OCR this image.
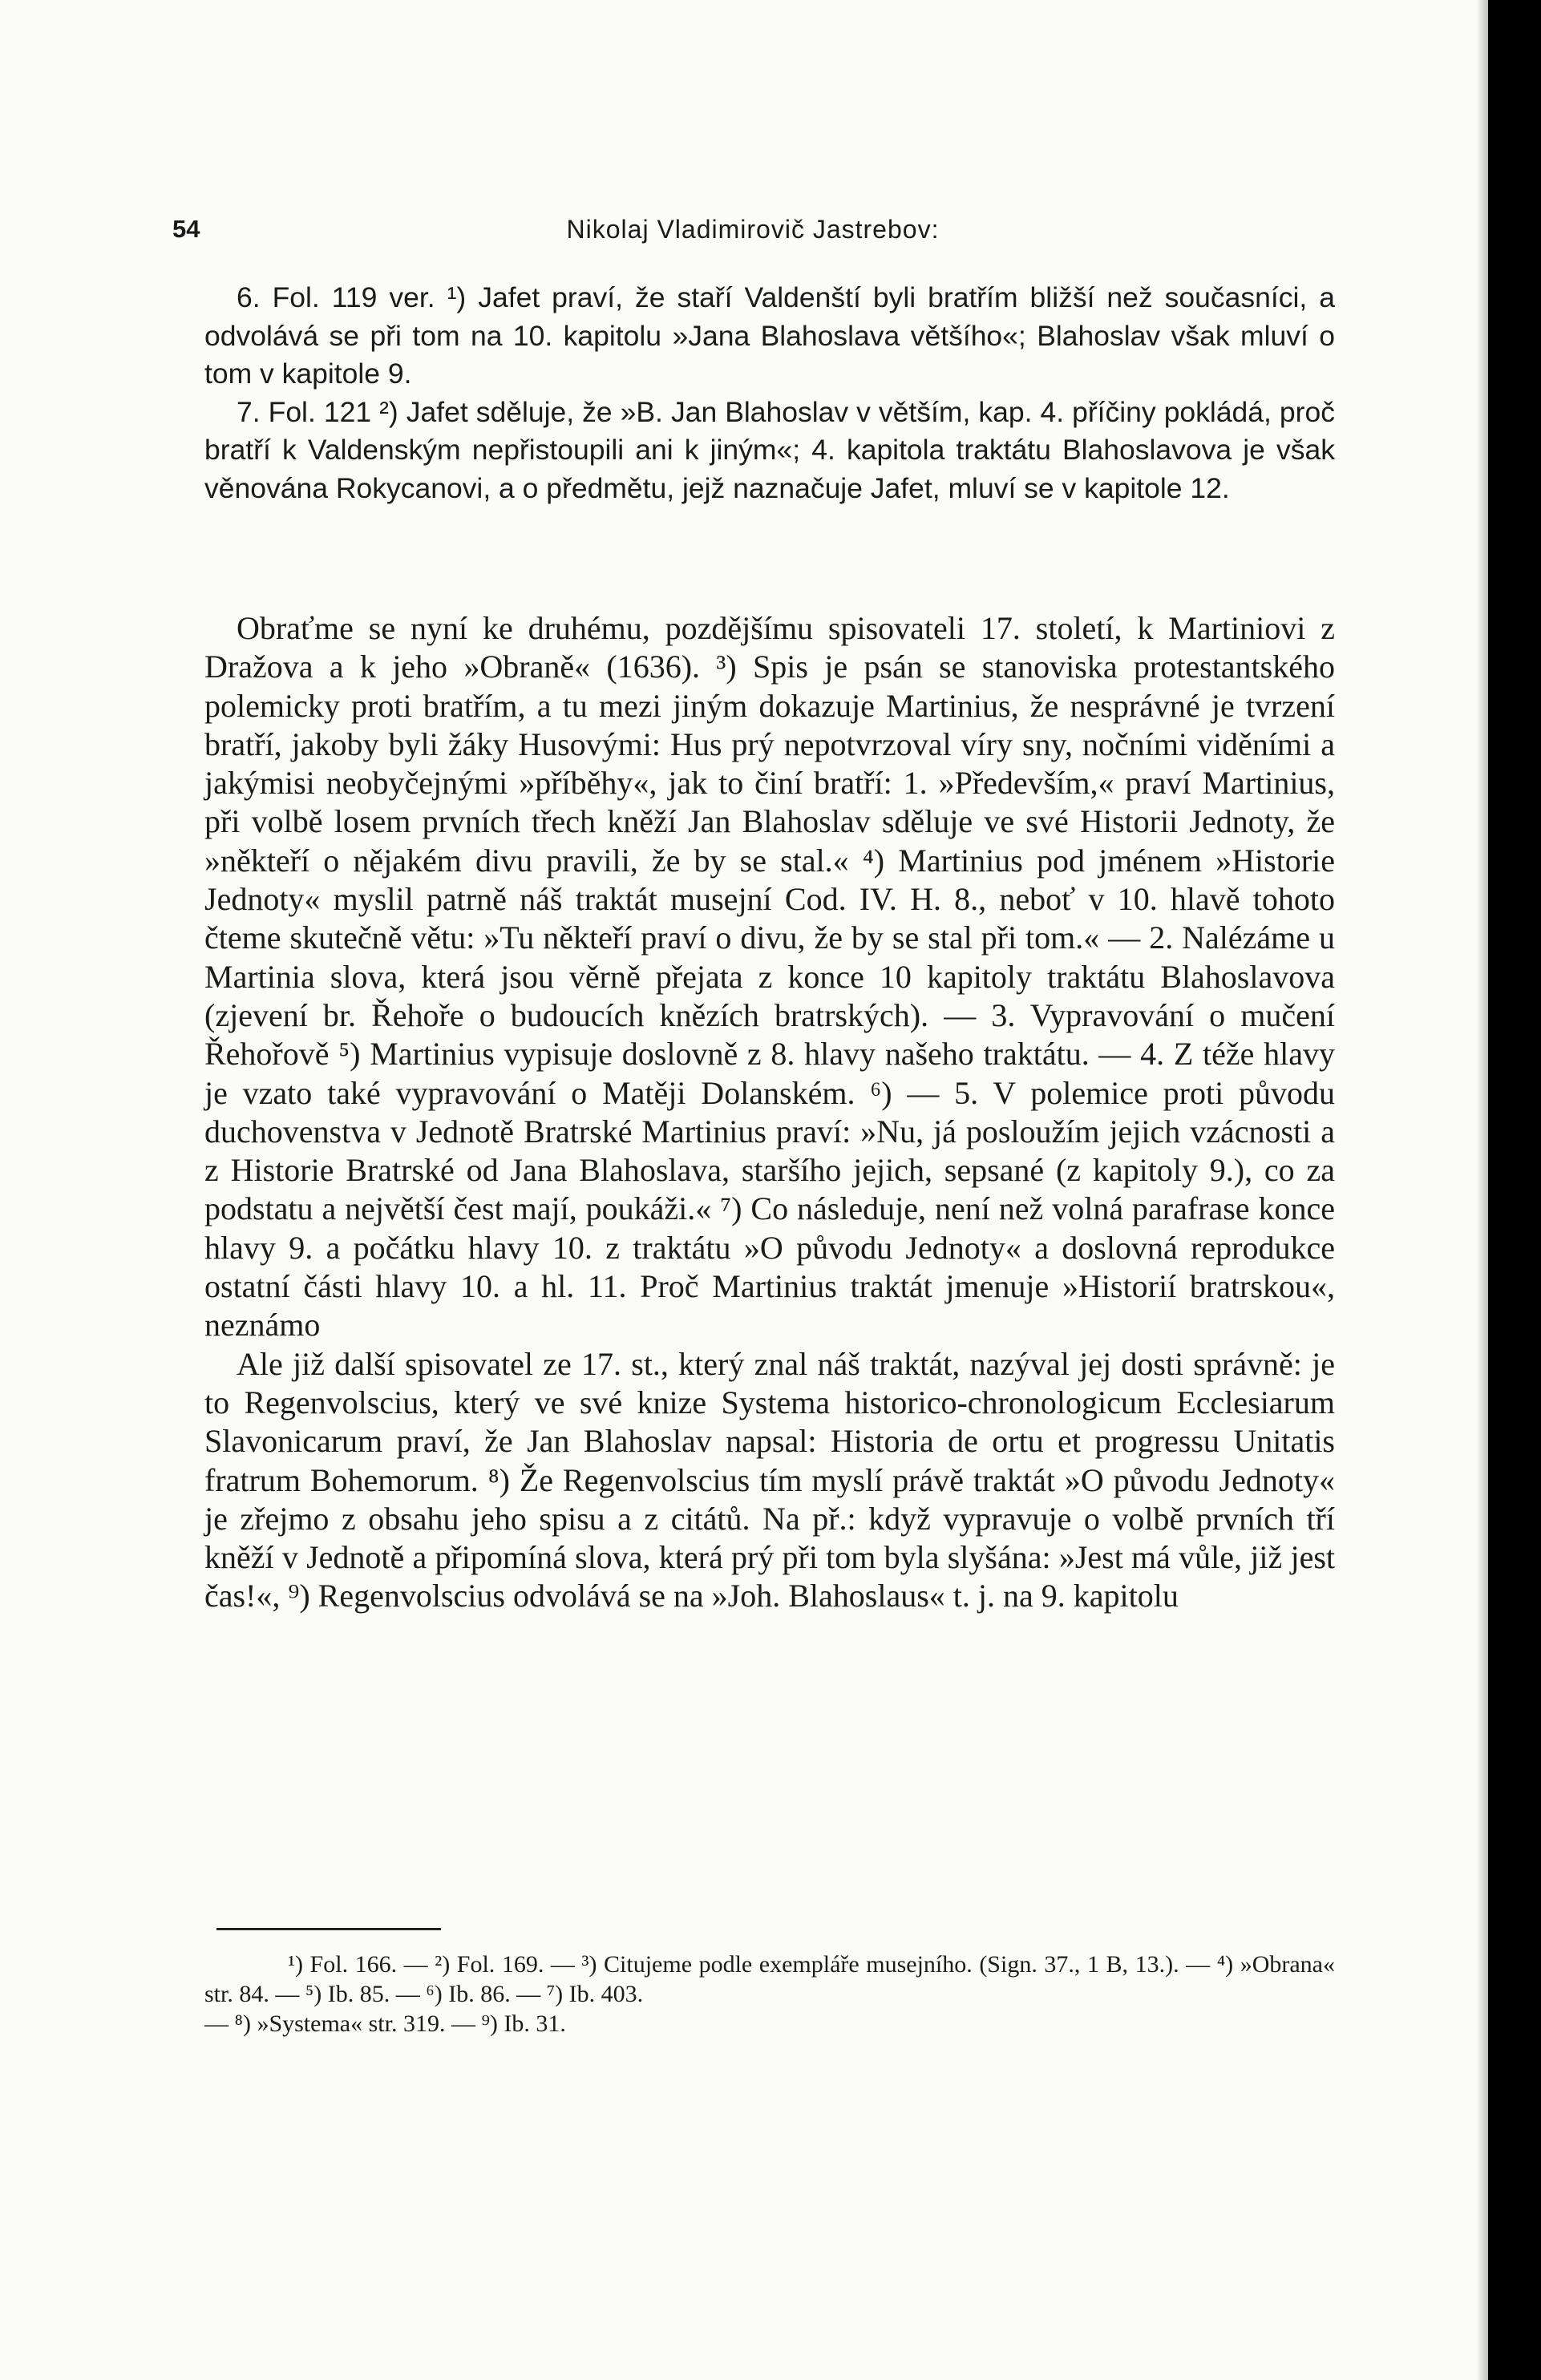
54	Nikolaj Vladimirovič Jastrebov:

6. Fol. 119 ver. ¹) Jafet praví, že staří Valdenští byli bratřím bližší než současníci, a odvolává se při tom na 10. kapitolu »Jana Blahoslava většího«; Blahoslav však mluví o tom v kapitole 9.

7. Fol. 121 ²) Jafet sděluje, že »B. Jan Blahoslav v větším, kap. 4. příčiny pokládá, proč bratří k Valdenským nepřistoupili ani k jiným«; 4. kapitola traktátu Blahoslavova je však věnována Rokycanovi, a o předmětu, jejž naznačuje Jafet, mluví se v kapitole 12.

Obraťme se nyní ke druhému, pozdějšímu spisovateli 17. století, k Martiniovi z Dražova a k jeho »Obraně« (1636). ³) Spis je psán se stanoviska protestantského polemicky proti bratřím, a tu mezi jiným dokazuje Martinius, že nesprávné je tvrzení bratří, jakoby byli žáky Husovými: Hus prý nepotvrzoval víry sny, nočními viděními a jakýmisi neobyčejnými »příběhy«, jak to činí bratří: 1. »Především,« praví Martinius, při volbě losem prvních třech kněží Jan Blahoslav sděluje ve své Historii Jednoty, že »někteří o nějakém divu pravili, že by se stal.« ⁴) Martinius pod jménem »Historie Jednoty« myslil patrně náš traktát musejní Cod. IV. H. 8., neboť v 10. hlavě tohoto čteme skutečně větu: »Tu někteří praví o divu, že by se stal při tom.« — 2. Nalézáme u Martinia slova, která jsou věrně přejata z konce 10 kapitoly traktátu Blahoslavova (zjevení br. Řehoře o budoucích knězích bratrských). — 3. Vypravování o mučení Řehořově ⁵) Martinius vypisuje doslovně z 8. hlavy našeho traktátu. — 4. Z téže hlavy je vzato také vypravování o Matěji Dolanském. ⁶) — 5. V polemice proti původu duchovenstva v Jednotě Bratrské Martinius praví: »Nu, já posloužím jejich vzácnosti a z Historie Bratrské od Jana Blahoslava, staršího jejich, sepsané (z kapitoly 9.), co za podstatu a největší čest mají, poukáži.« ⁷) Co následuje, není než volná parafrase konce hlavy 9. a počátku hlavy 10. z traktátu »O původu Jednoty« a doslovná reprodukce ostatní části hlavy 10. a hl. 11. Proč Martinius traktát jmenuje »Historií bratrskou«, neznámo

Ale již další spisovatel ze 17. st., který znal náš traktát, nazýval jej dosti správně: je to Regenvolscius, který ve své knize Systema historico-chronologicum Ecclesiarum Slavonicarum praví, že Jan Blahoslav napsal: Historia de ortu et progressu Unitatis fratrum Bohemorum. ⁸) Že Regenvolscius tím myslí právě traktát »O původu Jednoty« je zřejmo z obsahu jeho spisu a z citátů. Na př.: když vypravuje o volbě prvních tří kněží v Jednotě a připomíná slova, která prý při tom byla slyšána: »Jest má vůle, již jest čas!«, ⁹) Regenvolscius odvolává se na »Joh. Blahoslaus« t. j. na 9. kapitolu

¹) Fol. 166. — ²) Fol. 169. — ³) Citujeme podle exempláře musejního. (Sign. 37., 1 B, 13.). — ⁴) »Obrana« str. 84. — ⁵) Ib. 85. — ⁶) Ib. 86. — ⁷) Ib. 403.
— ⁸) »Systema« str. 319. — ⁹) Ib. 31.
